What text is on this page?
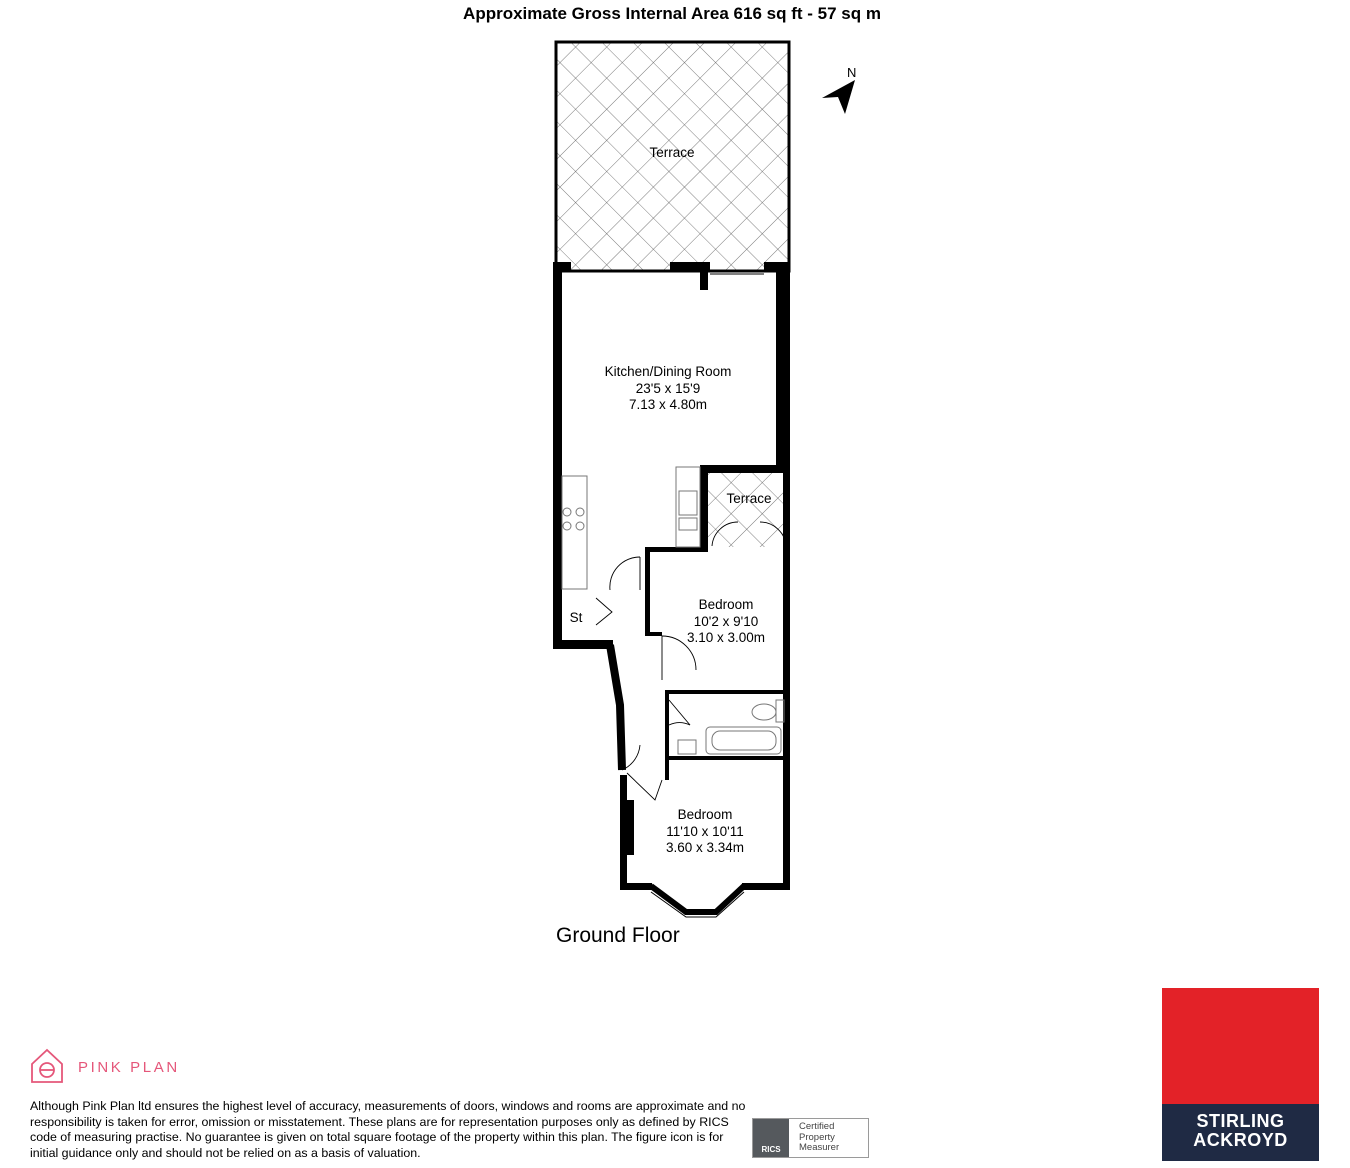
Approximate Gross Internal Area 616 sq ft - 57 sq m
N
Terrace
Kitchen/Dining Room
23'5 x 15'9
7.13 x 4.80m
Terrace
St
Bedroom
10'2 x 9'10
3.10 x 3.00m
Bedroom
11'10 x 10'11
3.60 x 3.34m
Ground Floor
PINK PLAN
Although Pink Plan ltd ensures the highest level of accuracy, measurements of doors, windows and rooms are approximate and no responsibility is taken for error, omission or misstatement. These plans are for representation purposes only as defined by RICS code of measuring practise. No guarantee is given on total square footage of the property within this plan. The figure icon is for initial guidance only and should not be relied on as a basis of valuation.	RICS
Certified
Property
Measurer
STIRLING
ACKROYD
